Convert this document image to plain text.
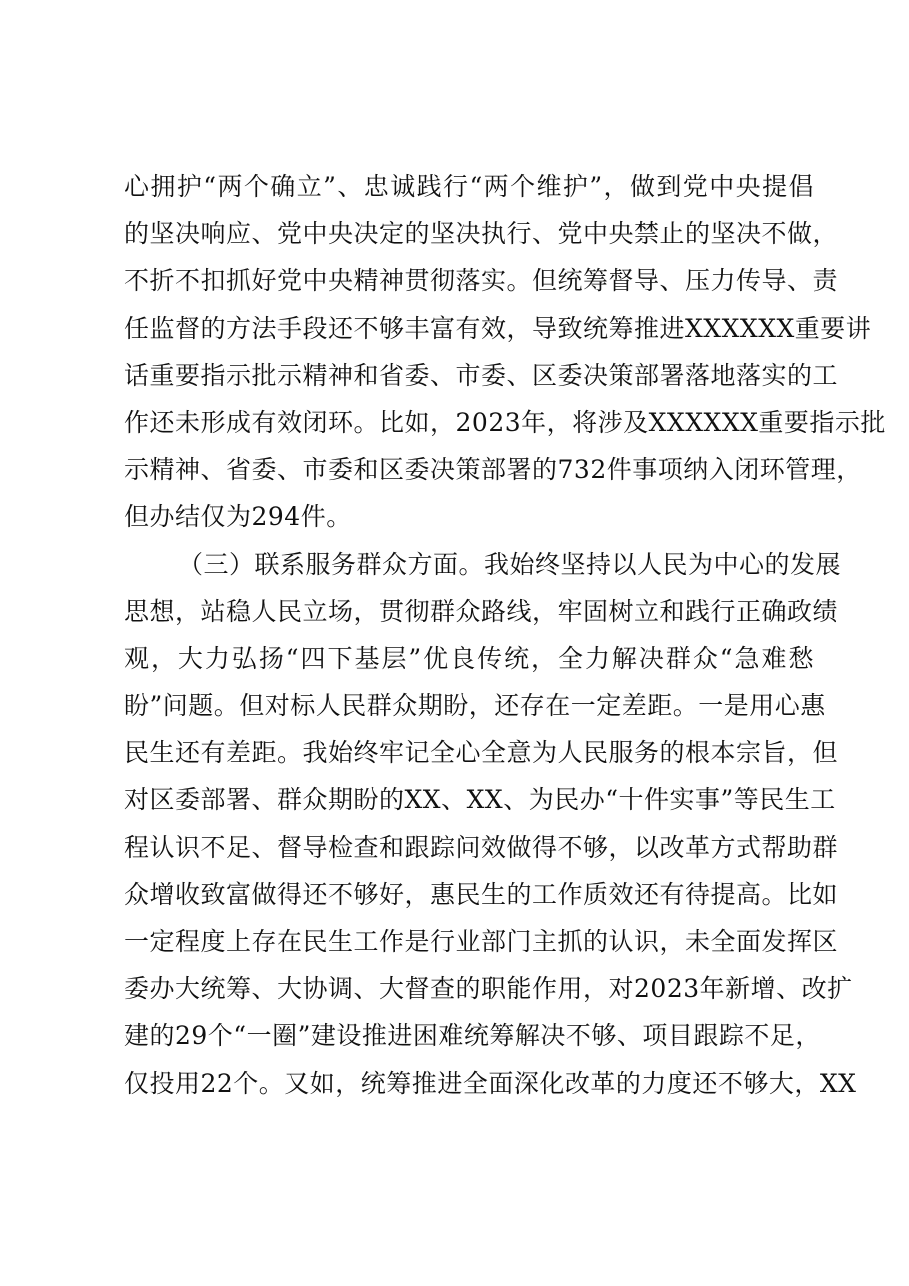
心拥护“两个确立”、忠诚践行“两个维护”，做到党中央提倡
的坚决响应、党中央决定的坚决执行、党中央禁止的坚决不做，
不折不扣抓好党中央精神贯彻落实。但统筹督导、压力传导、责
任监督的方法手段还不够丰富有效，导致统筹推进XXXXXX重要讲
话重要指示批示精神和省委、市委、区委决策部署落地落实的工
作还未形成有效闭环。比如，2023年，将涉及XXXXXX重要指示批
示精神、省委、市委和区委决策部署的732件事项纳入闭环管理，
但办结仅为294件。
（三）联系服务群众方面。我始终坚持以人民为中心的发展
思想，站稳人民立场，贯彻群众路线，牢固树立和践行正确政绩
观，大力弘扬“四下基层”优良传统，全力解决群众“急难愁
盼”问题。但对标人民群众期盼，还存在一定差距。一是用心惠
民生还有差距。我始终牢记全心全意为人民服务的根本宗旨，但
对区委部署、群众期盼的XX、XX、为民办“十件实事”等民生工
程认识不足、督导检查和跟踪问效做得不够，以改革方式帮助群
众增收致富做得还不够好，惠民生的工作质效还有待提高。比如
一定程度上存在民生工作是行业部门主抓的认识，未全面发挥区
委办大统筹、大协调、大督查的职能作用，对2023年新增、改扩
建的29个“一圈”建设推进困难统筹解决不够、项目跟踪不足，
仅投用22个。又如，统筹推进全面深化改革的力度还不够大，XX
